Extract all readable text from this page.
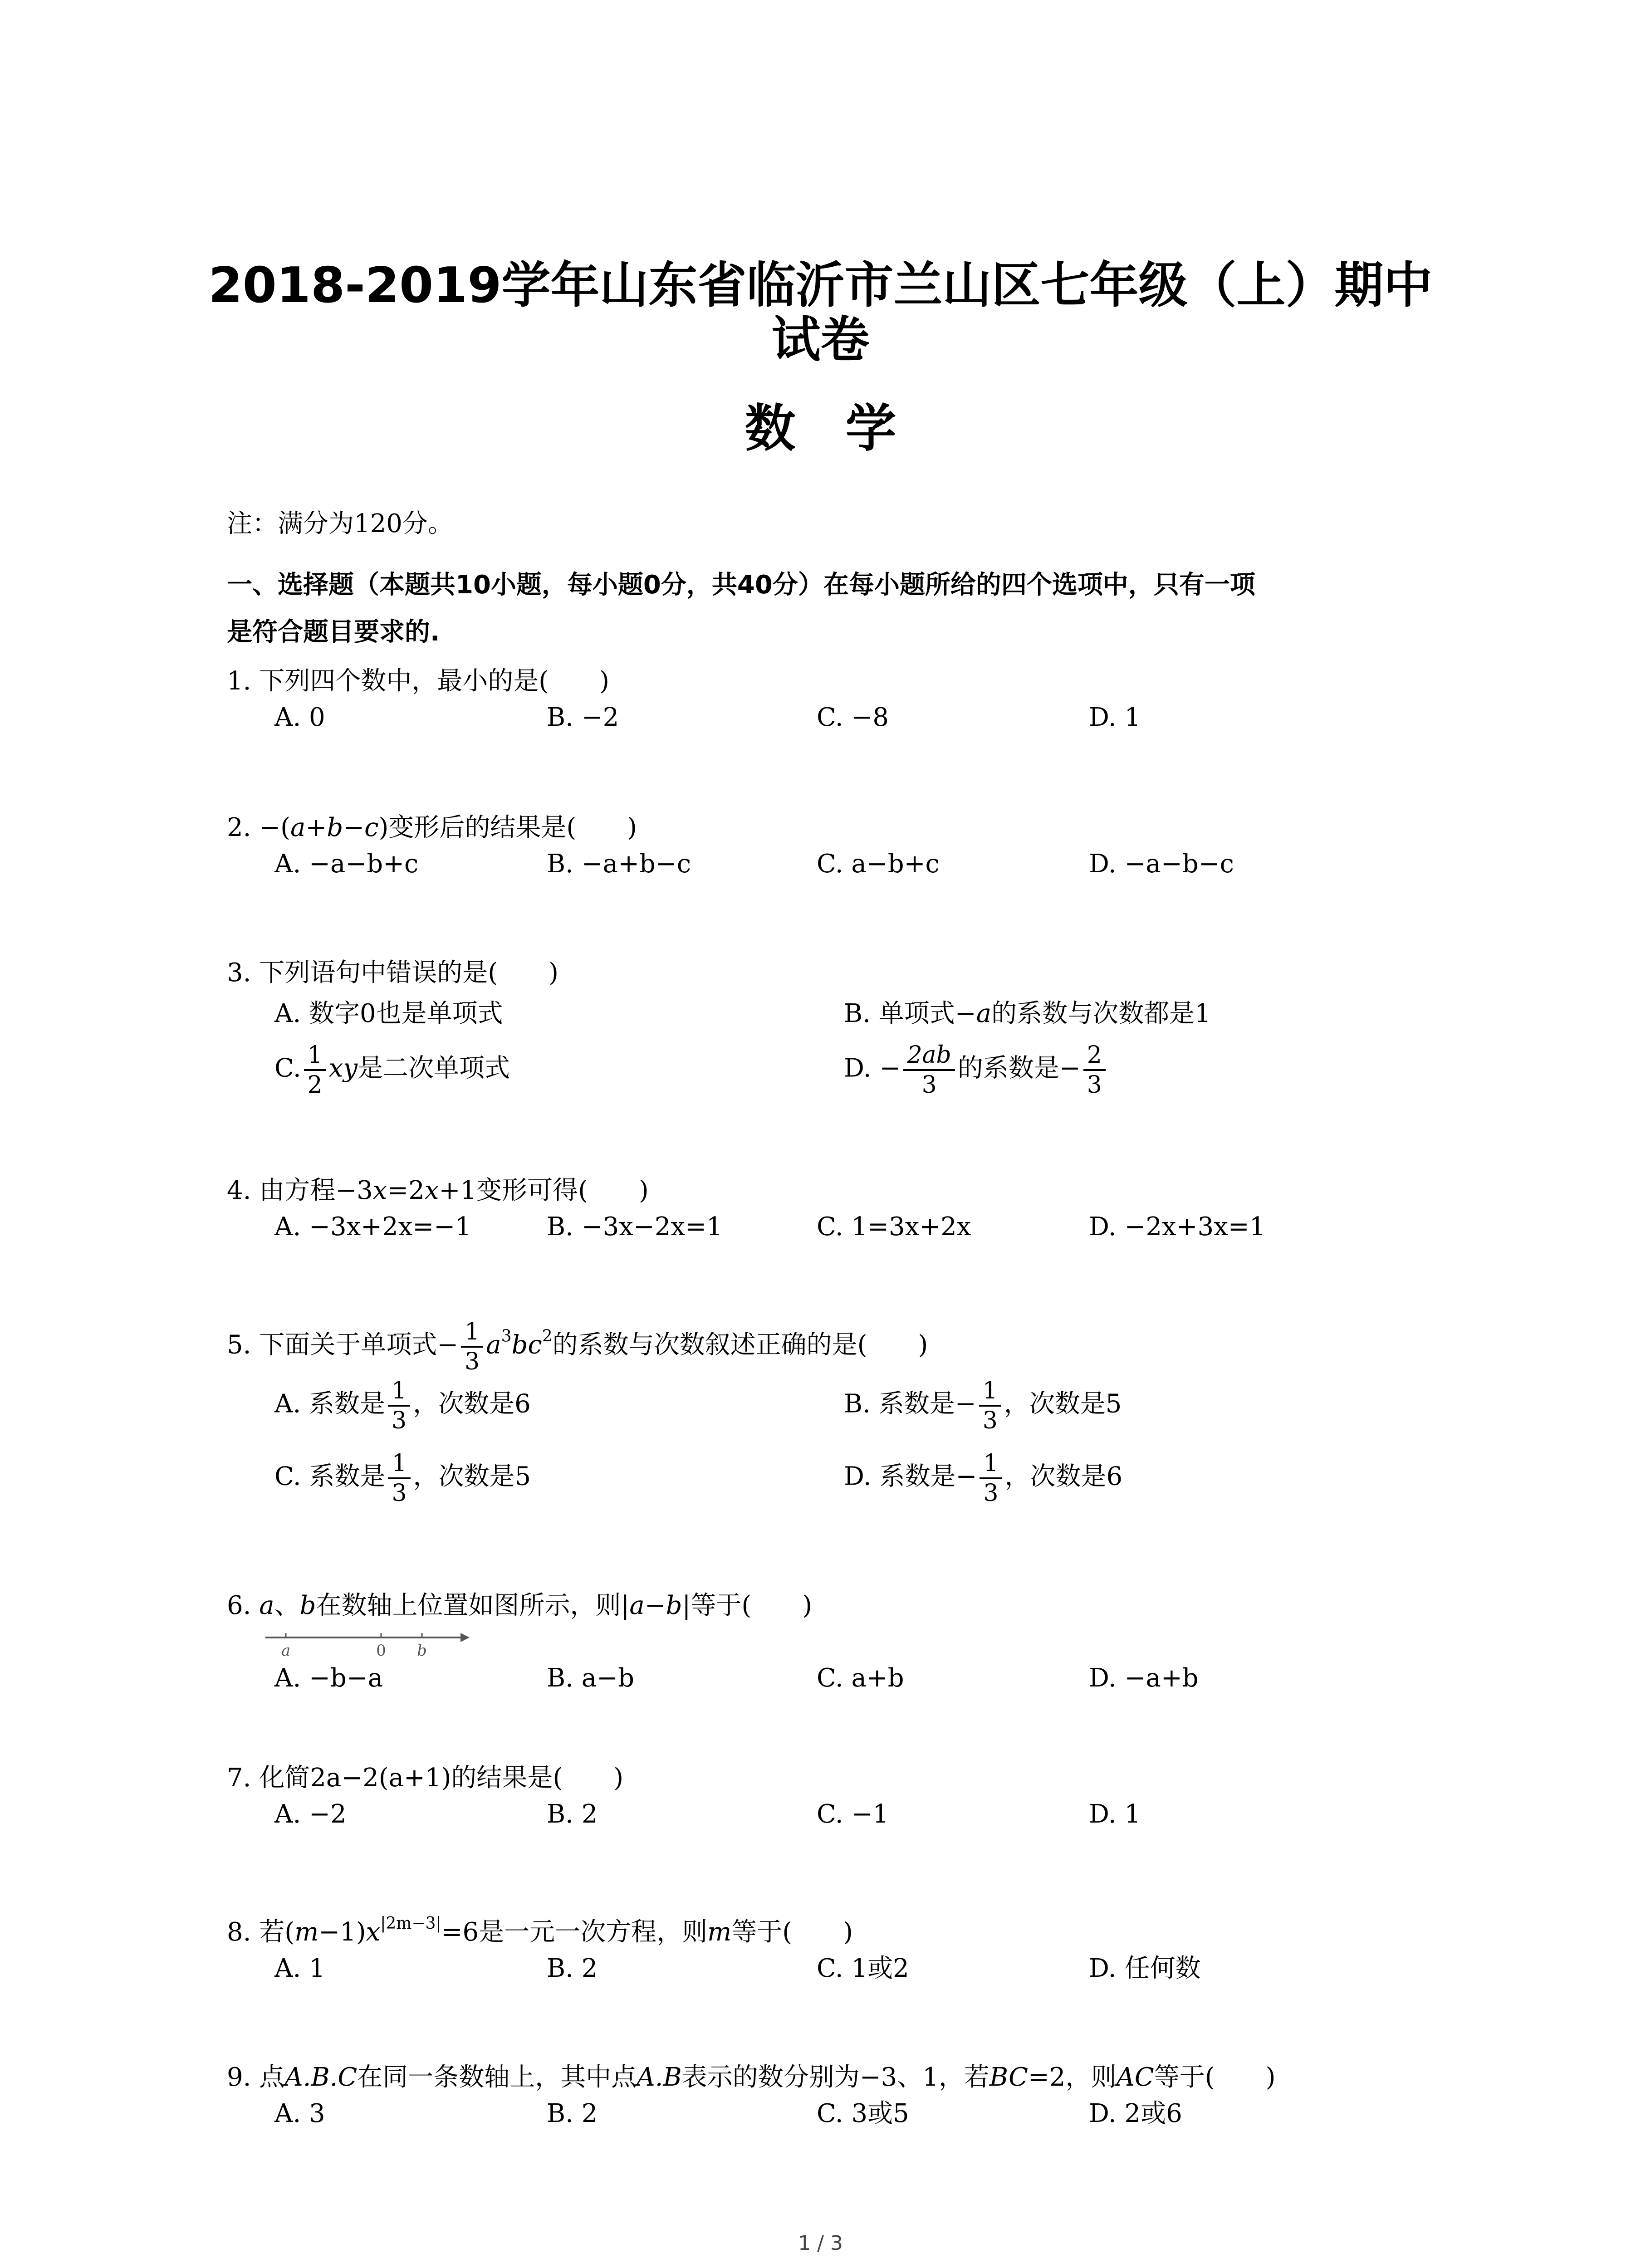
2018-2019学年山东省临沂市兰山区七年级（上）期中
试卷
数学
注：满分为120分。
一、选择题（本题共10小题，每小题0分，共40分）在每小题所给的四个选项中，只有一项
是符合题目要求的.
1. 下列四个数中，最小的是(　　)
A. 0	B. −2	C. −8	D. 1
2. −(a+b−c)变形后的结果是(　　)
A. −a−b+c	B. −a+b−c	C. a−b+c	D. −a−b−c
3. 下列语句中错误的是(　　)
A. 数字0也是单项式	B. 单项式−a的系数与次数都是1
C. $\frac{1}{2}$ xy是二次单项式	D. − $\frac{2ab}{3}$ 的系数是− $\frac{2}{3}$
4. 由方程−3x=2x+1变形可得(　　)
A. −3x+2x=−1	B. −3x−2x=1	C. 1=3x+2x	D. −2x+3x=1
5. 下面关于单项式− $\frac{1}{3} a^3bc^2$的系数与次数叙述正确的是(　　)
A. 系数是 $\frac{1}{3}$ ，次数是6	B. 系数是− $\frac{1}{3}$ ，次数是5
C. 系数是 $\frac{1}{3}$ ，次数是5	D. 系数是− $\frac{1}{3}$ ，次数是6
6. a、b在数轴上位置如图所示，则|a−b|等于(　　)
a	0 b
A. −b−a	B. a−b	C. a+b	D. −a+b
7. 化简2a−2(a+1)的结果是(　　)
A. −2	B. 2	C. −1	D. 1
8. 若$(m-1)x^{|2m-3|}=6$是一元一次方程，则m等于(　　)
A. 1	B. 2	C. 1或2	D. 任何数
9. 点A.B.C在同一条数轴上，其中点A.B表示的数分别为−3、1，若BC=2，则AC等于(　　)
A. 3	B. 2	C. 3或5	D. 2或6
1 / 3
